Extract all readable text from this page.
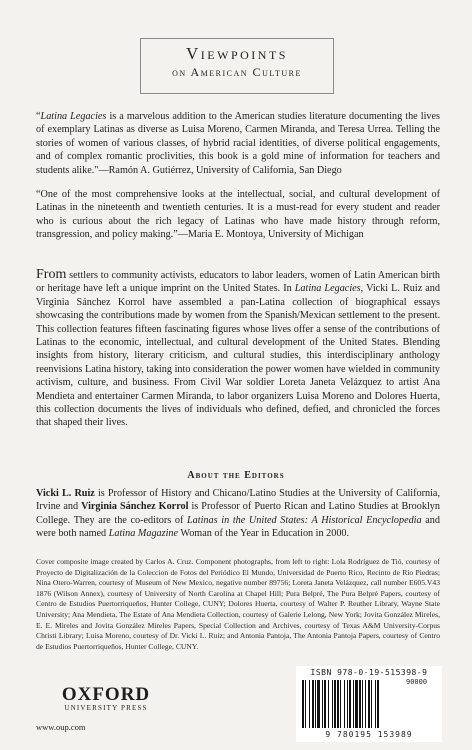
Viewpoints
on American Culture

“Latina Legacies is a marvelous addition to the American studies literature documenting the lives of exemplary Latinas as diverse as Luisa Moreno, Carmen Miranda, and Teresa Urrea. Telling the stories of women of various classes, of hybrid racial identities, of diverse political engagements, and of complex romantic proclivities, this book is a gold mine of information for teachers and students alike."—Ramón A. Gutiérrez, University of California, San Diego

“One of the most comprehensive looks at the intellectual, social, and cultural development of Latinas in the nineteenth and twentieth centuries. It is a must-read for every student and reader who is curious about the rich legacy of Latinas who have made history through reform, transgression, and policy making.”—Maria E. Montoya, University of Michigan

From settlers to community activists, educators to labor leaders, women of Latin American birth or heritage have left a unique imprint on the United States. In Latina Legacies, Vicki L. Ruiz and Virginia Sánchez Korrol have assembled a pan-Latina collection of biographical essays showcasing the contributions made by women from the Spanish/Mexican settlement to the present. This collection features fifteen fascinating figures whose lives offer a sense of the contributions of Latinas to the economic, intellectual, and cultural development of the United States. Blending insights from history, literary criticism, and cultural studies, this interdisciplinary anthology reenvisions Latina history, taking into consideration the power women have wielded in community activism, culture, and business. From Civil War soldier Loreta Janeta Velázquez to artist Ana Mendieta and entertainer Carmen Miranda, to labor organizers Luisa Moreno and Dolores Huerta, this collection documents the lives of individuals who defined, defied, and chronicled the forces that shaped their lives.

About the Editors

Vicki L. Ruiz is Professor of History and Chicano/Latino Studies at the University of California, Irvine and Virginia Sánchez Korrol is Professor of Puerto Rican and Latino Studies at Brooklyn College. They are the co-editors of Latinas in the United States: A Historical Encyclopedia and were both named Latina Magazine Woman of the Year in Education in 2000.

Cover composite image created by Carlos A. Cruz. Component photographs, from left to right: Lola Rodríguez de Tió, courtesy of Proyecto de Digitalización de la Coleccion de Fotos del Periódico El Mundo, Universidad de Puerto Rico, Recinto de Río Piedras; Nina Otero-Warren, courtesy of Museum of New Mexico, negative number 89756; Loreta Janeta Velázquez, call number E605.V43 1876 (Wilson Annex), courtesy of University of North Carolina at Chapel Hill; Pura Belpré, The Pura Belpré Papers, courtesy of Centro de Estudios Puertorriqueños, Hunter College, CUNY; Dolores Huerta, courtesy of Walter P. Reuther Library, Wayne State University; Ana Mendieta, The Estate of Ana Mendieta Collection, courtesy of Galerie Lelong, New York; Jovita González Mireles, E. E. Mireles and Jovita González Mireles Papers, Special Collection and Archives, courtesy of Texas A&M University-Corpus Christi Library; Luisa Moreno, courtesy of Dr. Vicki L. Ruiz; and Antonia Pantoja, The Antonia Pantoja Papers, courtesy of Centro de Estudios Puertorriqueños, Hunter College, CUNY.

OXFORD
UNIVERSITY PRESS
www.oup.com
ISBN 978-0-19-515398-9
9 780195 153989
90000
